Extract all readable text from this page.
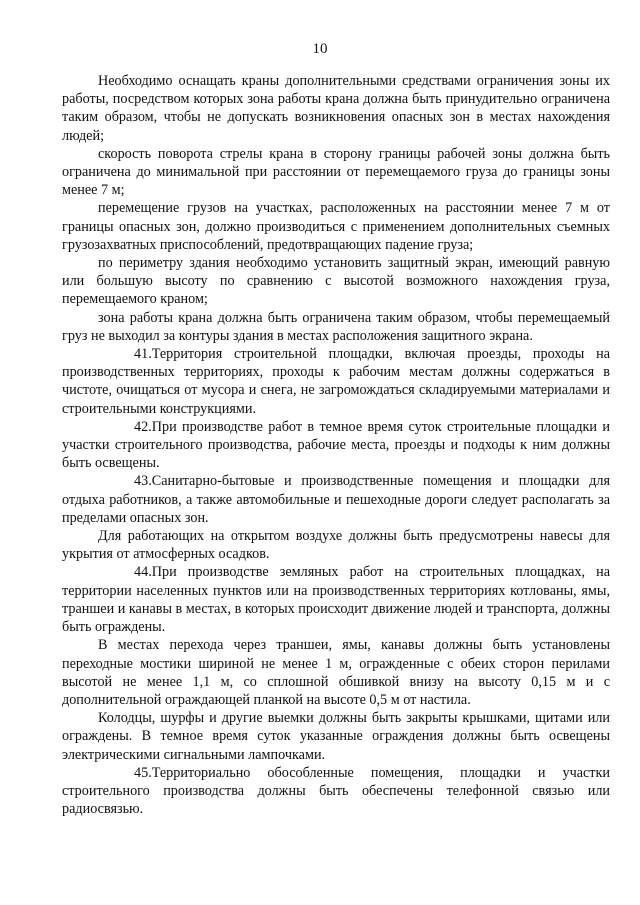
10

Необходимо оснащать краны дополнительными средствами ограничения зоны их работы, посредством которых зона работы крана должна быть принудительно ограничена таким образом, чтобы не допускать возникновения опасных зон в местах нахождения людей;

скорость поворота стрелы крана в сторону границы рабочей зоны должна быть ограничена до минимальной при расстоянии от перемещаемого груза до границы зоны менее 7 м;

перемещение грузов на участках, расположенных на расстоянии менее 7 м от границы опасных зон, должно производиться с применением дополнительных съемных грузозахватных приспособлений, предотвращающих падение груза;

по периметру здания необходимо установить защитный экран, имеющий равную или большую высоту по сравнению с высотой возможного нахождения груза, перемещаемого краном;

зона работы крана должна быть ограничена таким образом, чтобы перемещаемый груз не выходил за контуры здания в местах расположения защитного экрана.

41.Территория строительной площадки, включая проезды, проходы на производственных территориях, проходы к рабочим местам должны содержаться в чистоте, очищаться от мусора и снега, не загромождаться складируемыми материалами и строительными конструкциями.

42.При производстве работ в темное время суток строительные площадки и участки строительного производства, рабочие места, проезды и подходы к ним должны быть освещены.

43.Санитарно-бытовые и производственные помещения и площадки для отдыха работников, а также автомобильные и пешеходные дороги следует располагать за пределами опасных зон.

Для работающих на открытом воздухе должны быть предусмотрены навесы для укрытия от атмосферных осадков.

44.При производстве земляных работ на строительных площадках, на территории населенных пунктов или на производственных территориях котлованы, ямы, траншеи и канавы в местах, в которых происходит движение людей и транспорта, должны быть ограждены.

В местах перехода через траншеи, ямы, канавы должны быть установлены переходные мостики шириной не менее 1 м, огражденные с обеих сторон перилами высотой не менее 1,1 м, со сплошной обшивкой внизу на высоту 0,15 м и с дополнительной ограждающей планкой на высоте 0,5 м от настила.

Колодцы, шурфы и другие выемки должны быть закрыты крышками, щитами или ограждены. В темное время суток указанные ограждения должны быть освещены электрическими сигнальными лампочками.

45.Территориально обособленные помещения, площадки и участки строительного производства должны быть обеспечены телефонной связью или радиосвязью.
